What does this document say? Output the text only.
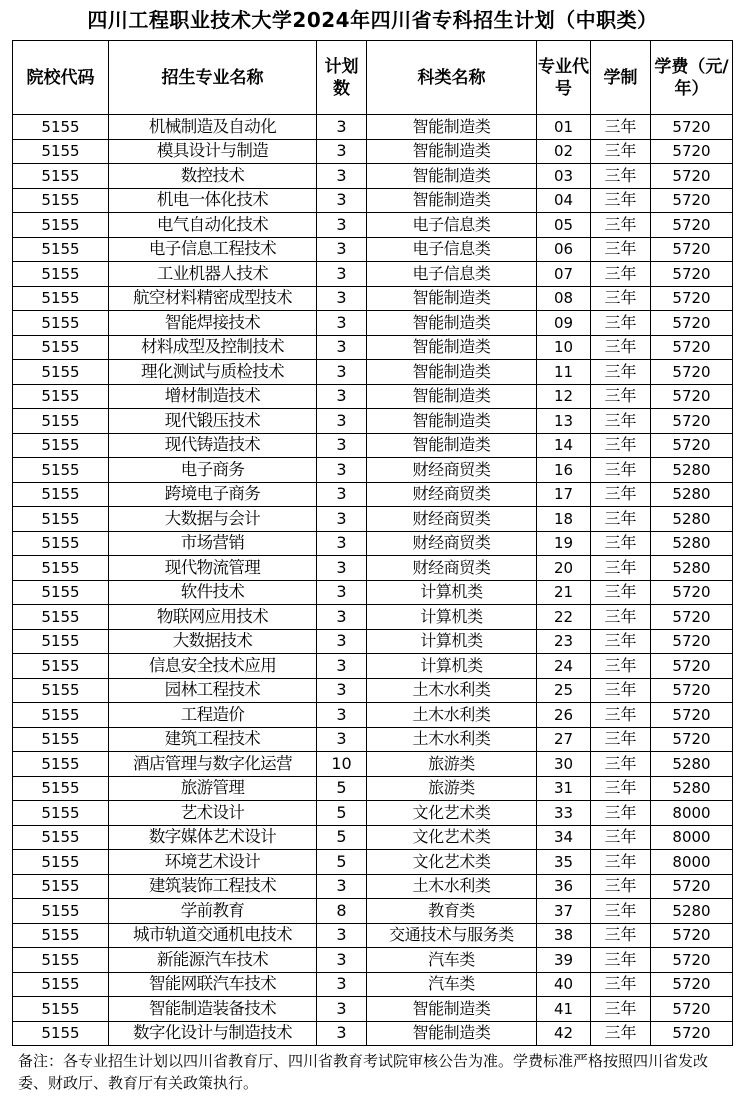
四川工程职业技术大学2024年四川省专科招生计划（中职类）
院校代码	招生专业名称	计划数	科类名称	专业代号	学制	学费（元/年）
5155	机械制造及自动化	3	智能制造类	01	三年	5720
5155	模具设计与制造	3	智能制造类	02	三年	5720
5155	数控技术	3	智能制造类	03	三年	5720
5155	机电一体化技术	3	智能制造类	04	三年	5720
5155	电气自动化技术	3	电子信息类	05	三年	5720
5155	电子信息工程技术	3	电子信息类	06	三年	5720
5155	工业机器人技术	3	电子信息类	07	三年	5720
5155	航空材料精密成型技术	3	智能制造类	08	三年	5720
5155	智能焊接技术	3	智能制造类	09	三年	5720
5155	材料成型及控制技术	3	智能制造类	10	三年	5720
5155	理化测试与质检技术	3	智能制造类	11	三年	5720
5155	增材制造技术	3	智能制造类	12	三年	5720
5155	现代锻压技术	3	智能制造类	13	三年	5720
5155	现代铸造技术	3	智能制造类	14	三年	5720
5155	电子商务	3	财经商贸类	16	三年	5280
5155	跨境电子商务	3	财经商贸类	17	三年	5280
5155	大数据与会计	3	财经商贸类	18	三年	5280
5155	市场营销	3	财经商贸类	19	三年	5280
5155	现代物流管理	3	财经商贸类	20	三年	5280
5155	软件技术	3	计算机类	21	三年	5720
5155	物联网应用技术	3	计算机类	22	三年	5720
5155	大数据技术	3	计算机类	23	三年	5720
5155	信息安全技术应用	3	计算机类	24	三年	5720
5155	园林工程技术	3	土木水利类	25	三年	5720
5155	工程造价	3	土木水利类	26	三年	5720
5155	建筑工程技术	3	土木水利类	27	三年	5720
5155	酒店管理与数字化运营	10	旅游类	30	三年	5280
5155	旅游管理	5	旅游类	31	三年	5280
5155	艺术设计	5	文化艺术类	33	三年	8000
5155	数字媒体艺术设计	5	文化艺术类	34	三年	8000
5155	环境艺术设计	5	文化艺术类	35	三年	8000
5155	建筑装饰工程技术	3	土木水利类	36	三年	5720
5155	学前教育	8	教育类	37	三年	5280
5155	城市轨道交通机电技术	3	交通技术与服务类	38	三年	5720
5155	新能源汽车技术	3	汽车类	39	三年	5720
5155	智能网联汽车技术	3	汽车类	40	三年	5720
5155	智能制造装备技术	3	智能制造类	41	三年	5720
5155	数字化设计与制造技术	3	智能制造类	42	三年	5720
备注：各专业招生计划以四川省教育厅、四川省教育考试院审核公告为准。学费标准严格按照四川省发改委、财政厅、教育厅有关政策执行。
